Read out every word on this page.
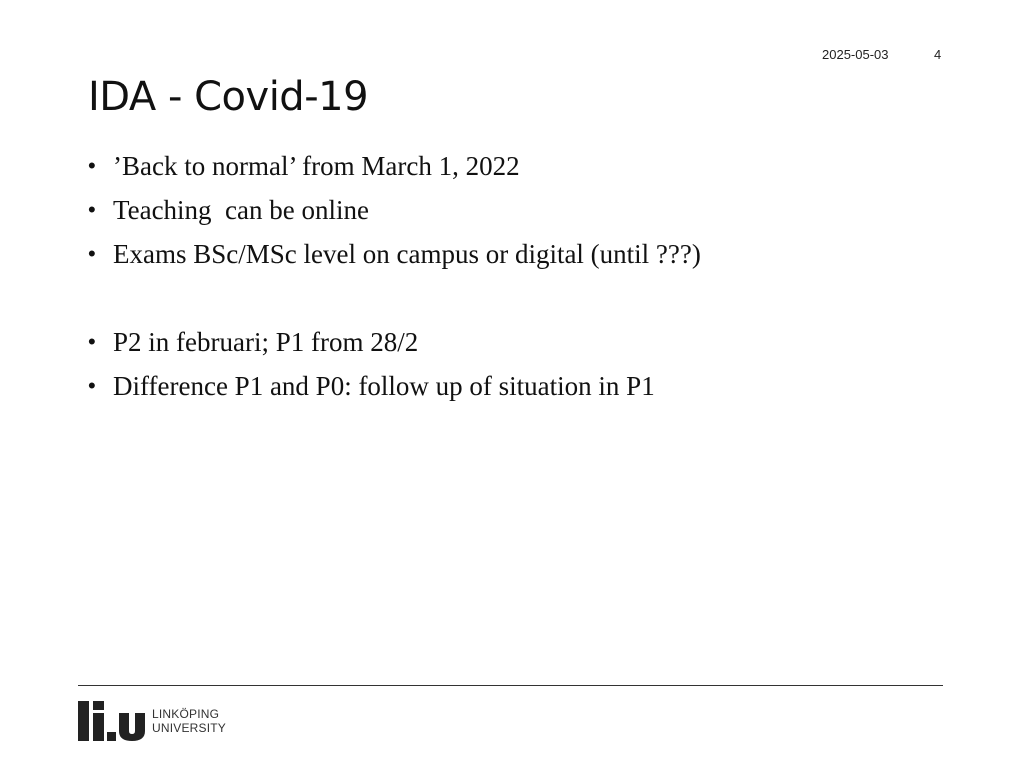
2025-05-03	4
IDA - Covid-19
• ’Back to normal’ from March 1, 2022
• Teaching  can be online
• Exams BSc/MSc level on campus or digital (until ???)
• P2 in februari; P1 from 28/2
• Difference P1 and P0: follow up of situation in P1
LINKÖPING
UNIVERSITY
